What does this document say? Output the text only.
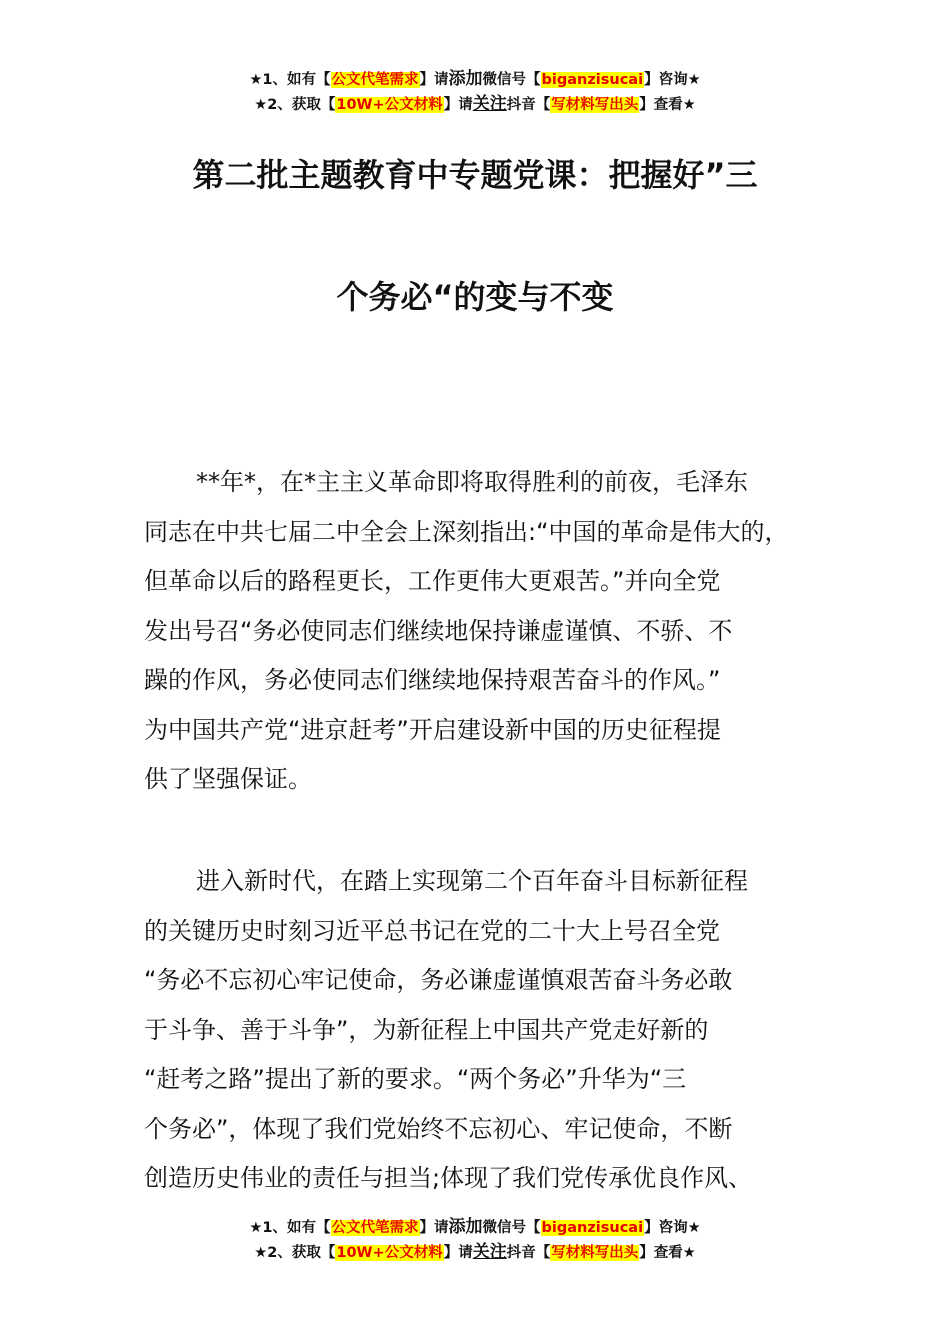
★1、如有【公文代笔需求】请添加微信号【biganzisucai】咨询★
★2、获取【10W+公文材料】请关注抖音【写材料写出头】查看★
第二批主题教育中专题党课：把握好”三
个务必“的变与不变
**年*，在*主主义革命即将取得胜利的前夜，毛泽东
同志在中共七届二中全会上深刻指出:“中国的革命是伟大的，
但革命以后的路程更长，工作更伟大更艰苦。”并向全党
发出号召“务必使同志们继续地保持谦虚谨慎、不骄、不
躁的作风，务必使同志们继续地保持艰苦奋斗的作风。”
为中国共产党“进京赶考”开启建设新中国的历史征程提
供了坚强保证。
进入新时代，在踏上实现第二个百年奋斗目标新征程
的关键历史时刻习近平总书记在党的二十大上号召全党
“务必不忘初心牢记使命，务必谦虚谨慎艰苦奋斗务必敢
于斗争、善于斗争”，为新征程上中国共产党走好新的
“赶考之路”提出了新的要求。“两个务必”升华为“三
个务必”，体现了我们党始终不忘初心、牢记使命，不断
创造历史伟业的责任与担当;体现了我们党传承优良作风、
★1、如有【公文代笔需求】请添加微信号【biganzisucai】咨询★
★2、获取【10W+公文材料】请关注抖音【写材料写出头】查看★
